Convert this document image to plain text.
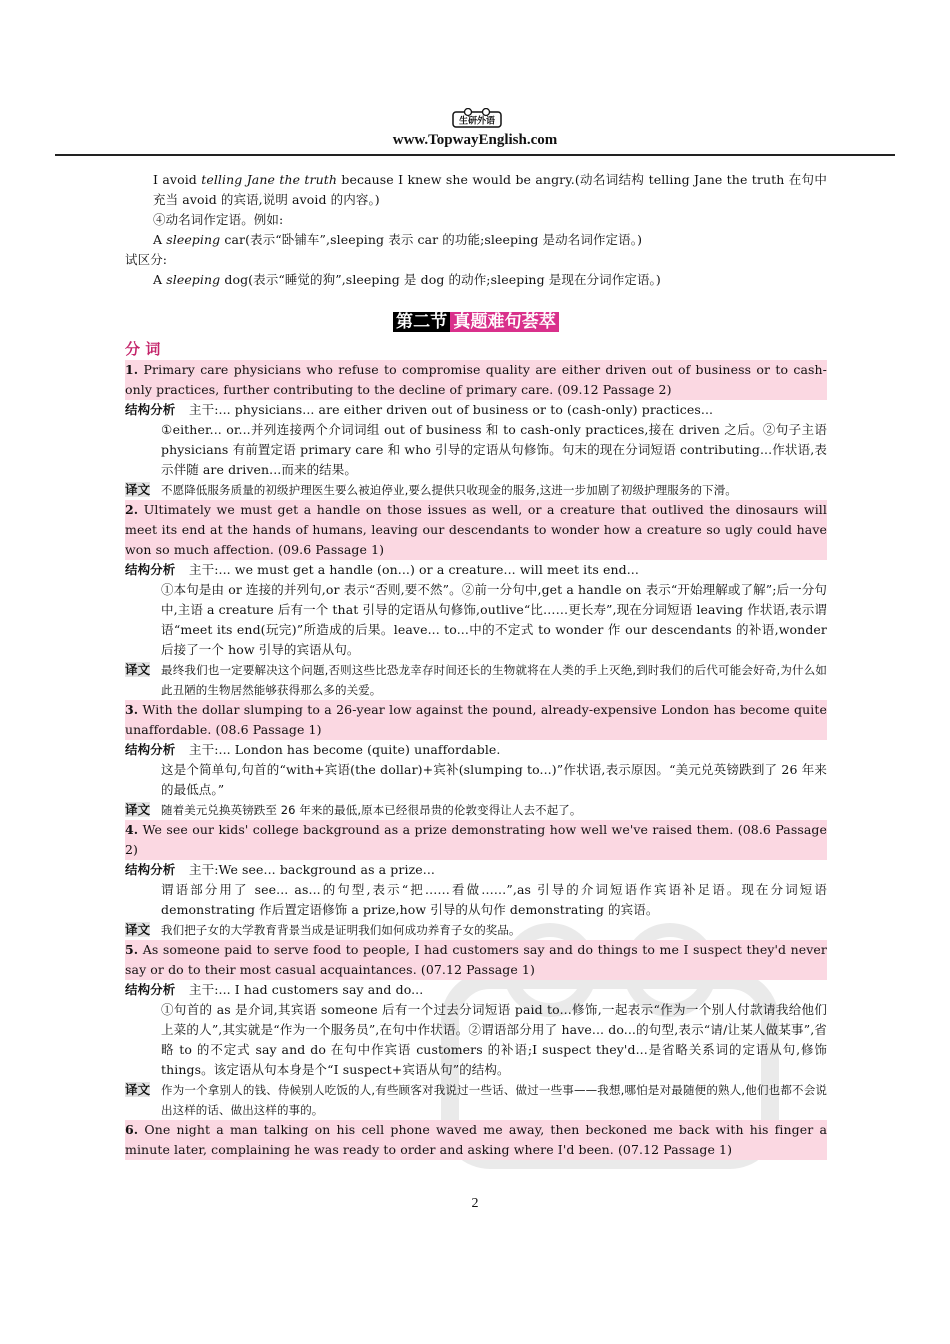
生研外语
www.TopwayEnglish.com

I avoid telling Jane the truth because I knew she would be angry.(动名词结构 telling Jane the truth 在句中充当 avoid 的宾语,说明 avoid 的内容。)

④动名词作定语。例如:

A sleeping car(表示“卧铺车”,sleeping 表示 car 的功能;sleeping 是动名词作定语。)

试区分:

A sleeping dog(表示“睡觉的狗”,sleeping 是 dog 的动作;sleeping 是现在分词作定语。)

第二节 真题难句荟萃
分 词

1. Primary care physicians who refuse to compromise quality are either driven out of business or to cash-only practices, further contributing to the decline of primary care. (09.12 Passage 2)

结构分析	主干:... physicians... are either driven out of business or to (cash-only) practices...

①either... or...并列连接两个介词词组 out of business 和 to cash-only practices,接在 driven 之后。②句子主语 physicians 有前置定语 primary care 和 who 引导的定语从句修饰。句末的现在分词短语 contributing...作状语,表示伴随 are driven...而来的结果。

译文 不愿降低服务质量的初级护理医生要么被迫停业,要么提供只收现金的服务,这进一步加剧了初级护理服务的下滑。

2. Ultimately we must get a handle on those issues as well, or a creature that outlived the dinosaurs will meet its end at the hands of humans, leaving our descendants to wonder how a creature so ugly could have won so much affection. (09.6 Passage 1)

结构分析	主干:... we must get a handle (on...) or a creature... will meet its end...

①本句是由 or 连接的并列句,or 表示“否则,要不然”。②前一分句中,get a handle on 表示“开始理解或了解”;后一分句中,主语 a creature 后有一个 that 引导的定语从句修饰,outlive“比……更长寿”,现在分词短语 leaving 作状语,表示谓语“meet its end(玩完)”所造成的后果。leave... to...中的不定式 to wonder 作 our descendants 的补语,wonder 后接了一个 how 引导的宾语从句。

译文 最终我们也一定要解决这个问题,否则这些比恐龙幸存时间还长的生物就将在人类的手上灭绝,到时我们的后代可能会好奇,为什么如此丑陋的生物居然能够获得那么多的关爱。

3. With the dollar slumping to a 26-year low against the pound, already-expensive London has become quite unaffordable. (08.6 Passage 1)

结构分析	主干:... London has become (quite) unaffordable.

这是个简单句,句首的“with+宾语(the dollar)+宾补(slumping to...)”作状语,表示原因。“美元兑英镑跌到了 26 年来的最低点。”

译文 随着美元兑换英镑跌至 26 年来的最低,原本已经很昂贵的伦敦变得让人去不起了。

4. We see our kids' college background as a prize demonstrating how well we've raised them. (08.6 Passage 2)

结构分析	主干:We see... background as a prize...

谓语部分用了 see... as...的句型,表示“把……看做……”,as 引导的介词短语作宾语补足语。现在分词短语 demonstrating 作后置定语修饰 a prize,how 引导的从句作 demonstrating 的宾语。

译文 我们把子女的大学教育背景当成是证明我们如何成功养育子女的奖品。

5. As someone paid to serve food to people, I had customers say and do things to me I suspect they'd never say or do to their most casual acquaintances. (07.12 Passage 1)

结构分析	主干:... I had customers say and do...

①句首的 as 是介词,其宾语 someone 后有一个过去分词短语 paid to...修饰,一起表示“作为一个别人付款请我给他们上菜的人”,其实就是“作为一个服务员”,在句中作状语。②谓语部分用了 have... do...的句型,表示“请/让某人做某事”,省略 to 的不定式 say and do 在句中作宾语 customers 的补语;I suspect they'd...是省略关系词的定语从句,修饰 things。该定语从句本身是个“I suspect+宾语从句”的结构。

译文 作为一个拿别人的钱、侍候别人吃饭的人,有些顾客对我说过一些话、做过一些事——我想,哪怕是对最随便的熟人,他们也都不会说出这样的话、做出这样的事的。

6. One night a man talking on his cell phone waved me away, then beckoned me back with his finger a minute later, complaining he was ready to order and asking where I'd been. (07.12 Passage 1)

2
